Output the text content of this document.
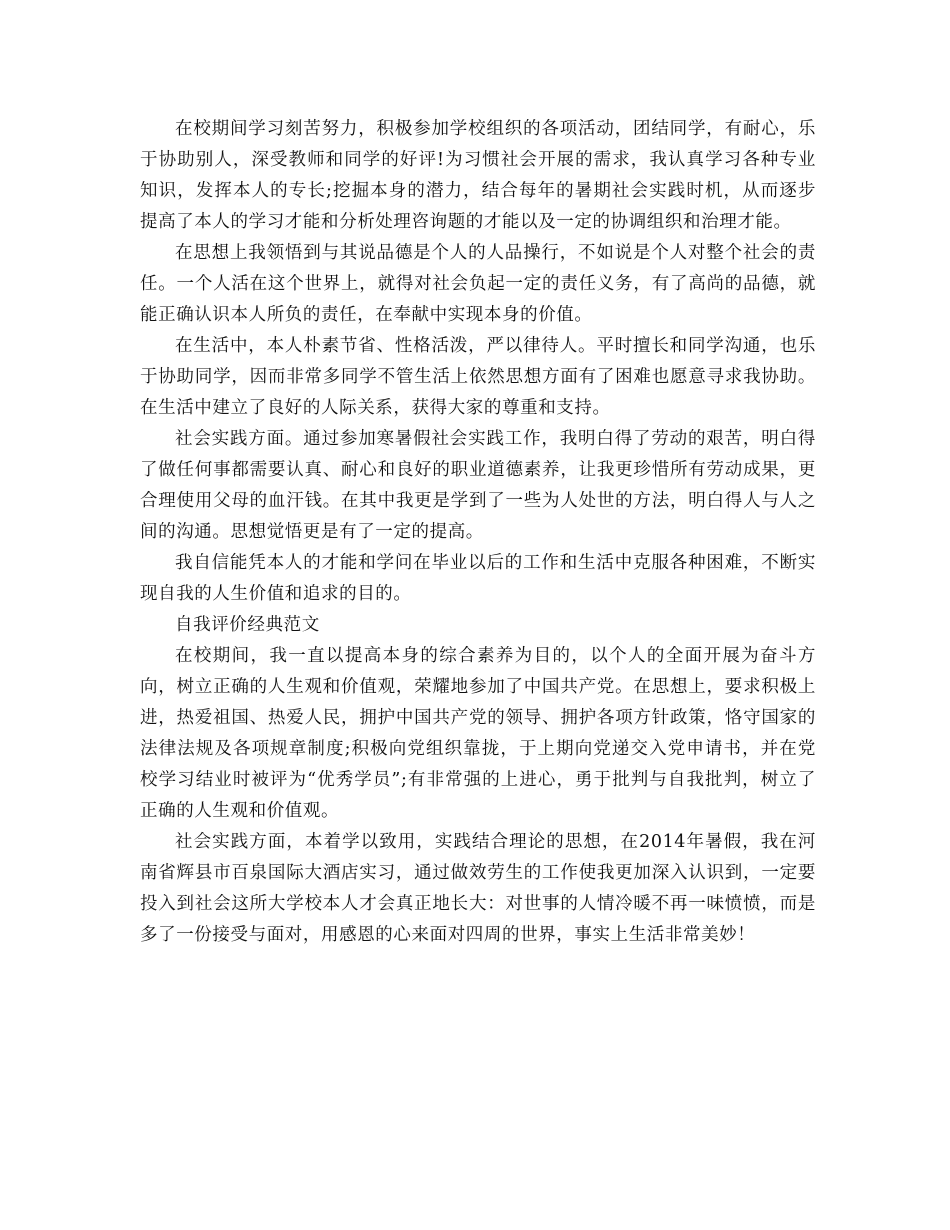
在校期间学习刻苦努力，积极参加学校组织的各项活动，团结同学，有耐心，乐于协助别人，深受教师和同学的好评!为习惯社会开展的需求，我认真学习各种专业知识，发挥本人的专长;挖掘本身的潜力，结合每年的暑期社会实践时机，从而逐步提高了本人的学习才能和分析处理咨询题的才能以及一定的协调组织和治理才能。

在思想上我领悟到与其说品德是个人的人品操行，不如说是个人对整个社会的责任。一个人活在这个世界上，就得对社会负起一定的责任义务，有了高尚的品德，就能正确认识本人所负的责任，在奉献中实现本身的价值。

在生活中，本人朴素节省、性格活泼，严以律待人。平时擅长和同学沟通，也乐于协助同学，因而非常多同学不管生活上依然思想方面有了困难也愿意寻求我协助。在生活中建立了良好的人际关系，获得大家的尊重和支持。

社会实践方面。通过参加寒暑假社会实践工作，我明白得了劳动的艰苦，明白得了做任何事都需要认真、耐心和良好的职业道德素养，让我更珍惜所有劳动成果，更合理使用父母的血汗钱。在其中我更是学到了一些为人处世的方法，明白得人与人之间的沟通。思想觉悟更是有了一定的提高。

我自信能凭本人的才能和学问在毕业以后的工作和生活中克服各种困难，不断实现自我的人生价值和追求的目的。

自我评价经典范文

在校期间，我一直以提高本身的综合素养为目的，以个人的全面开展为奋斗方向，树立正确的人生观和价值观，荣耀地参加了中国共产党。在思想上，要求积极上进，热爱祖国、热爱人民，拥护中国共产党的领导、拥护各项方针政策，恪守国家的法律法规及各项规章制度;积极向党组织靠拢，于上期向党递交入党申请书，并在党校学习结业时被评为“优秀学员”;有非常强的上进心，勇于批判与自我批判，树立了正确的人生观和价值观。

社会实践方面，本着学以致用，实践结合理论的思想，在2014年暑假，我在河南省辉县市百泉国际大酒店实习，通过做效劳生的工作使我更加深入认识到，一定要投入到社会这所大学校本人才会真正地长大：对世事的人情冷暖不再一味愤愤，而是多了一份接受与面对，用感恩的心来面对四周的世界，事实上生活非常美妙！
